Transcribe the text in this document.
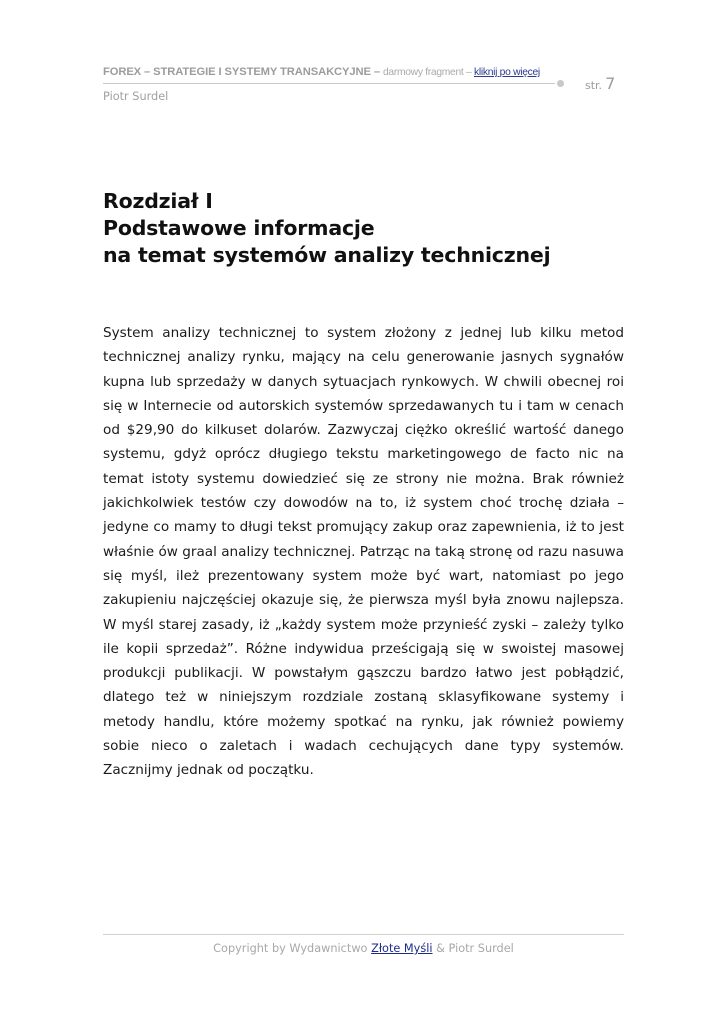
FOREX – STRATEGIE I SYSTEMY TRANSAKCYJNE – darmowy fragment – kliknij po więcej
Piotr Surdel
str. 7
Rozdział I
Podstawowe informacje
na temat systemów analizy technicznej

System analizy technicznej to system złożony z jednej lub kilku metod technicznej analizy rynku, mający na celu generowanie jasnych sygnałów kupna lub sprzedaży w danych sytuacjach rynkowych. W chwili obecnej roi się w Internecie od autorskich systemów sprzedawanych tu i tam w cenach od $29,90 do kilkuset dolarów. Zazwyczaj ciężko określić wartość danego systemu, gdyż oprócz długiego tekstu marketingowego de facto nic na temat istoty systemu dowiedzieć się ze strony nie można. Brak również jakichkolwiek testów czy dowodów na to, iż system choć trochę działa – jedyne co mamy to długi tekst promujący zakup oraz zapewnienia, iż to jest właśnie ów graal analizy technicznej. Patrząc na taką stronę od razu nasuwa się myśl, ileż prezentowany system może być wart, natomiast po jego zakupieniu najczęściej okazuje się, że pierwsza myśl była znowu najlepsza. W myśl starej zasady, iż „każdy system może przynieść zyski – zależy tylko ile kopii sprzedaż”. Różne indywidua prześcigają się w swoistej masowej produkcji publikacji. W powstałym gąszczu bardzo łatwo jest pobłądzić, dlatego też w niniejszym rozdziale zostaną sklasyfikowane systemy i metody handlu, które możemy spotkać na rynku, jak również powiemy sobie nieco o zaletach i wadach cechujących dane typy systemów. Zacznijmy jednak od początku.

Copyright by Wydawnictwo Złote Myśli & Piotr Surdel
